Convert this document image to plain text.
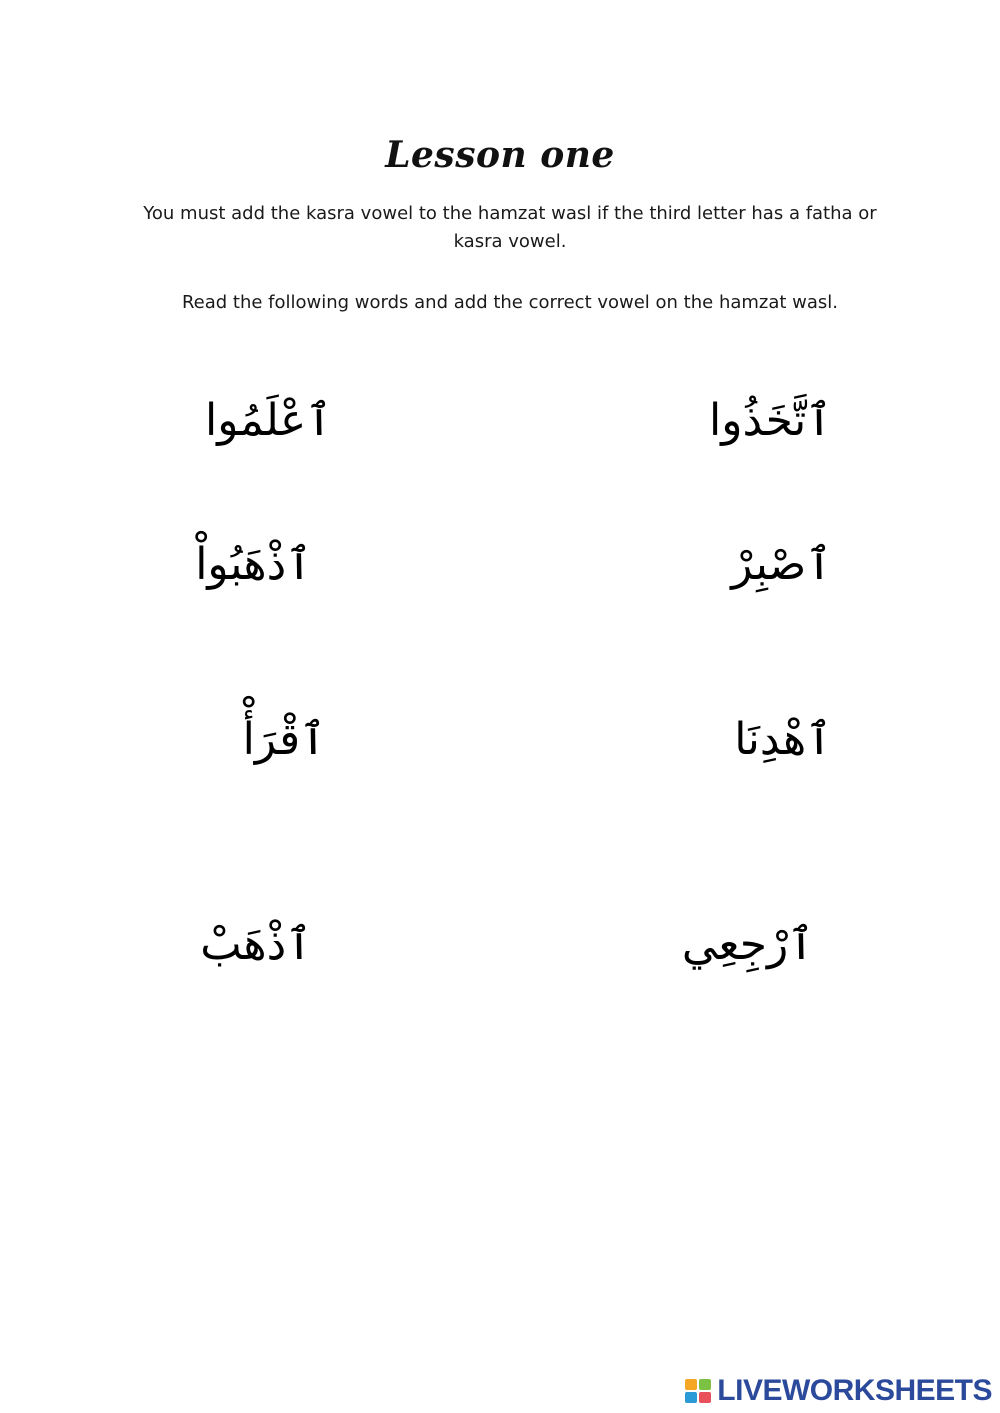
Lesson one
You must add the kasra vowel to the hamzat wasl if the third letter has a fatha or kasra vowel.
Read the following words and add the correct vowel on the hamzat wasl.
ٱتَّخَذُوا
ٱعْلَمُوا
ٱصْبِرْ
ٱذْهَبُواْ
ٱهْدِنَا
ٱقْرَأْ
ٱرْجِعِي
ٱذْهَبْ
LIVEWORKSHEETS
